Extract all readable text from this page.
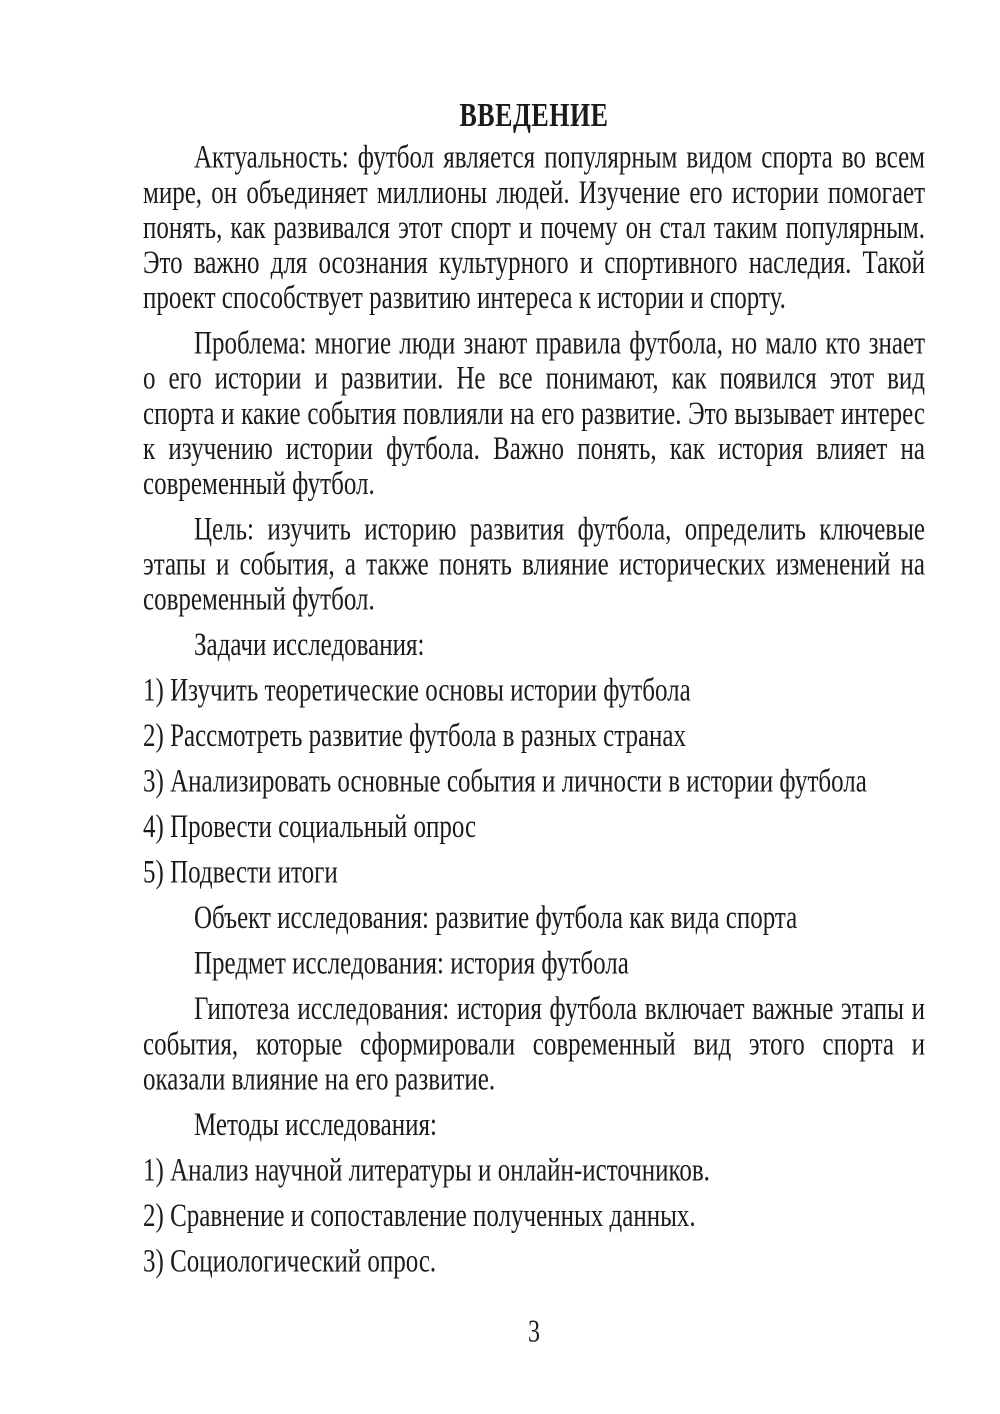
ВВЕДЕНИЕ

Актуальность: футбол является популярным видом спорта во всем мире, он объединяет миллионы людей. Изучение его истории помогает понять, как развивался этот спорт и почему он стал таким популярным. Это важно для осознания культурного и спортивного наследия. Такой проект способствует развитию интереса к истории и спорту.

Проблема: многие люди знают правила футбола, но мало кто знает о его истории и развитии. Не все понимают, как появился этот вид спорта и какие события повлияли на его развитие. Это вызывает интерес к изучению истории футбола. Важно понять, как история влияет на современный футбол.

Цель: изучить историю развития футбола, определить ключевые этапы и события, а также понять влияние исторических изменений на современный футбол.

Задачи исследования:

1) Изучить теоретические основы истории футбола

2) Рассмотреть развитие футбола в разных странах

3) Анализировать основные события и личности в истории футбола

4) Провести социальный опрос

5) Подвести итоги

Объект исследования: развитие футбола как вида спорта

Предмет исследования: история футбола

Гипотеза исследования: история футбола включает важные этапы и события, которые сформировали современный вид этого спорта и оказали влияние на его развитие.

Методы исследования:

1) Анализ научной литературы и онлайн-источников.

2) Сравнение и сопоставление полученных данных.

3) Социологический опрос.

3
